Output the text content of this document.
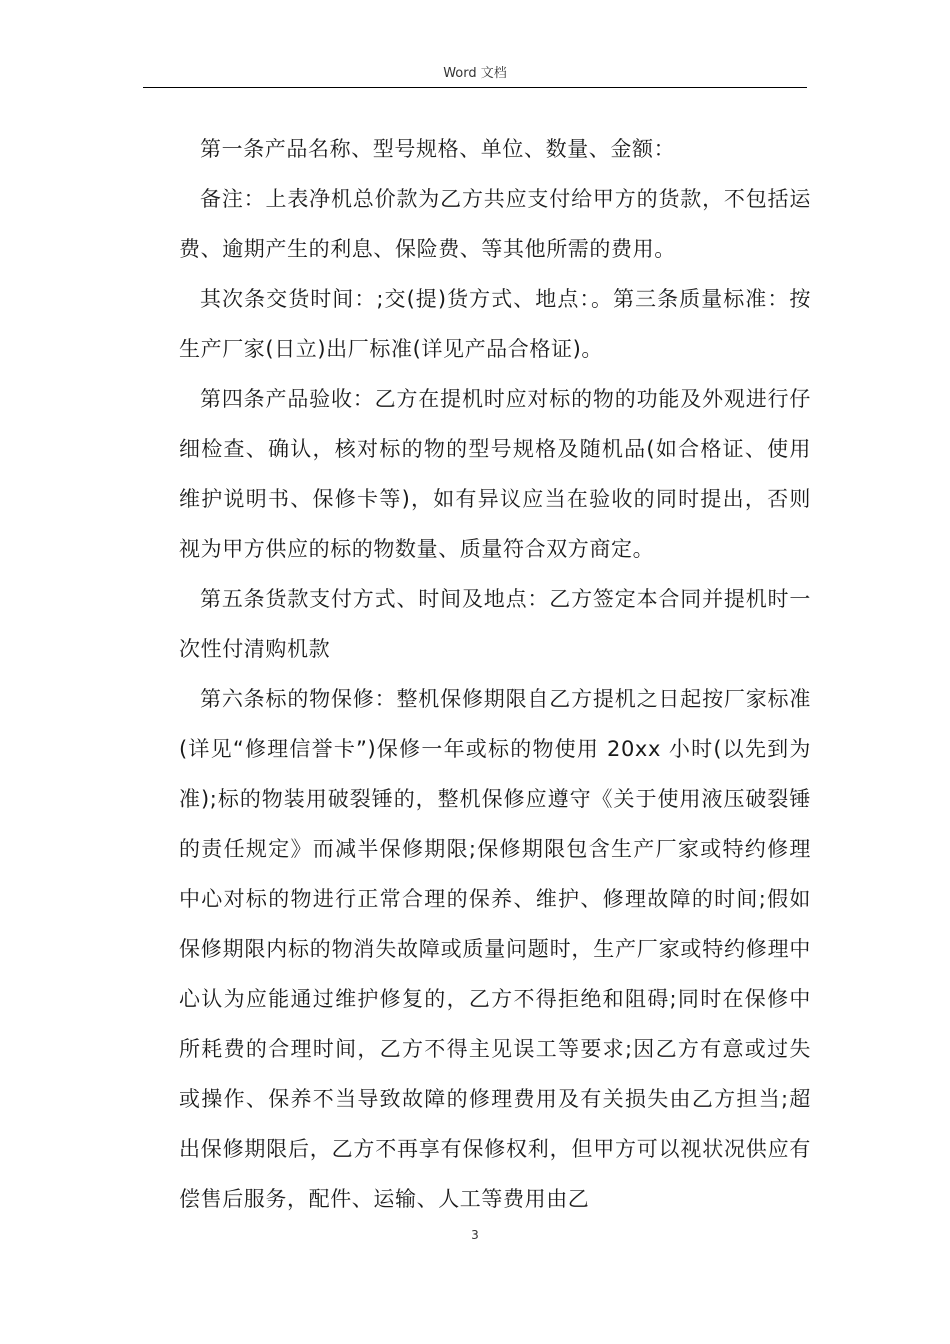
Word 文档

第一条产品名称、型号规格、单位、数量、金额：

备注：上表净机总价款为乙方共应支付给甲方的货款，不包括运费、逾期产生的利息、保险费、等其他所需的费用。

其次条交货时间：;交(提)货方式、地点：。第三条质量标准：按生产厂家(日立)出厂标准(详见产品合格证)。

第四条产品验收：乙方在提机时应对标的物的功能及外观进行仔细检查、确认，核对标的物的型号规格及随机品(如合格证、使用维护说明书、保修卡等)，如有异议应当在验收的同时提出，否则视为甲方供应的标的物数量、质量符合双方商定。

第五条货款支付方式、时间及地点：乙方签定本合同并提机时一次性付清购机款

第六条标的物保修：整机保修期限自乙方提机之日起按厂家标准(详见“修理信誉卡”)保修一年或标的物使用 20xx 小时(以先到为准);标的物装用破裂锤的，整机保修应遵守《关于使用液压破裂锤的责任规定》而减半保修期限;保修期限包含生产厂家或特约修理中心对标的物进行正常合理的保养、维护、修理故障的时间;假如保修期限内标的物消失故障或质量问题时，生产厂家或特约修理中心认为应能通过维护修复的，乙方不得拒绝和阻碍;同时在保修中所耗费的合理时间，乙方不得主见误工等要求;因乙方有意或过失或操作、保养不当导致故障的修理费用及有关损失由乙方担当;超出保修期限后，乙方不再享有保修权利，但甲方可以视状况供应有偿售后服务，配件、运输、人工等费用由乙

3
